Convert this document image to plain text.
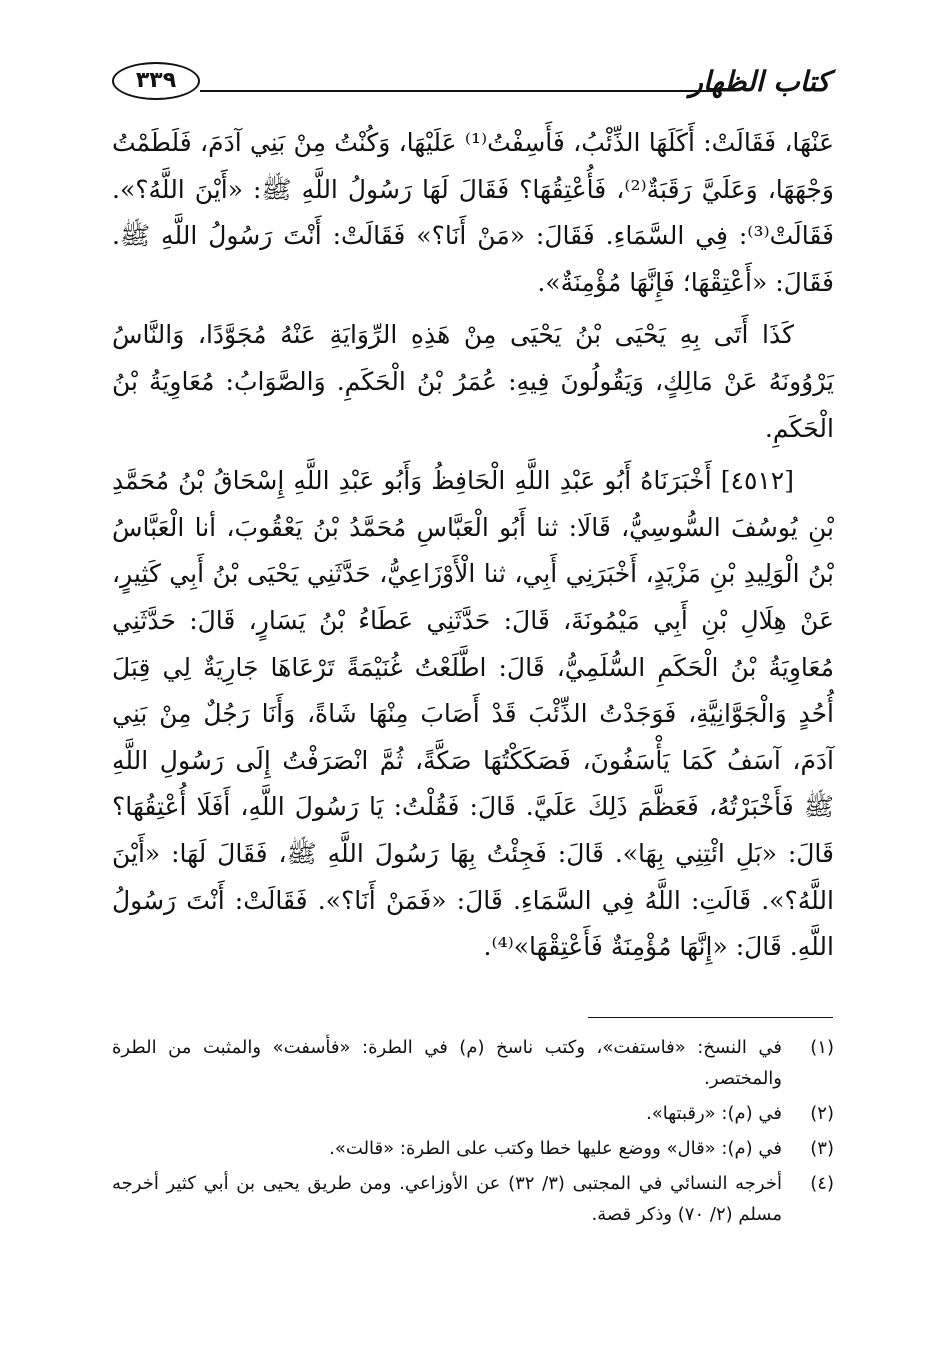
كتاب الظهار
٣٣٩

عَنْهَا، فَقَالَتْ: أَكَلَهَا الذِّئْبُ، فَأَسِفْتُ⁽¹⁾ عَلَيْهَا، وَكُنْتُ مِنْ بَنِي آدَمَ، فَلَطَمْتُ وَجْهَهَا، وَعَلَيَّ رَقَبَةٌ⁽²⁾، فَأُعْتِقُهَا؟ فَقَالَ لَهَا رَسُولُ اللَّهِ ﷺ: «أَيْنَ اللَّهُ؟». فَقَالَتْ⁽³⁾: فِي السَّمَاءِ. فَقَالَ: «مَنْ أَنَا؟» فَقَالَتْ: أَنْتَ رَسُولُ اللَّهِ ﷺ. فَقَالَ: «أَعْتِقْهَا؛ فَإِنَّهَا مُؤْمِنَةٌ».

كَذَا أَتَى بِهِ يَحْيَى بْنُ يَحْيَى مِنْ هَذِهِ الرِّوَايَةِ عَنْهُ مُجَوَّدًا، وَالنَّاسُ يَرْوُونَهُ عَنْ مَالِكٍ، وَيَقُولُونَ فِيهِ: عُمَرُ بْنُ الْحَكَمِ. وَالصَّوَابُ: مُعَاوِيَةُ بْنُ الْحَكَمِ.

[٤٥١٢] أَخْبَرَنَاهُ أَبُو عَبْدِ اللَّهِ الْحَافِظُ وَأَبُو عَبْدِ اللَّهِ إِسْحَاقُ بْنُ مُحَمَّدِ بْنِ يُوسُفَ السُّوسِيُّ، قَالَا: ثنا أَبُو الْعَبَّاسِ مُحَمَّدُ بْنُ يَعْقُوبَ، أنا الْعَبَّاسُ بْنُ الْوَلِيدِ بْنِ مَزْيَدٍ، أَخْبَرَنِي أَبِي، ثنا الْأَوْزَاعِيُّ، حَدَّثَنِي يَحْيَى بْنُ أَبِي كَثِيرٍ، عَنْ هِلَالِ بْنِ أَبِي مَيْمُونَةَ، قَالَ: حَدَّثَنِي عَطَاءُ بْنُ يَسَارٍ، قَالَ: حَدَّثَنِي مُعَاوِيَةُ بْنُ الْحَكَمِ السُّلَمِيُّ، قَالَ: اطَّلَعْتُ غُنَيْمَةً تَرْعَاهَا جَارِيَةٌ لِي قِبَلَ أُحُدٍ وَالْجَوَّانِيَّةِ، فَوَجَدْتُ الذِّئْبَ قَدْ أَصَابَ مِنْهَا شَاةً، وَأَنَا رَجُلٌ مِنْ بَنِي آدَمَ، آسَفُ كَمَا يَأْسَفُونَ، فَصَكَكْتُهَا صَكَّةً، ثُمَّ انْصَرَفْتُ إِلَى رَسُولِ اللَّهِ ﷺ فَأَخْبَرْتُهُ، فَعَظَّمَ ذَلِكَ عَلَيَّ. قَالَ: فَقُلْتُ: يَا رَسُولَ اللَّهِ، أَفَلَا أُعْتِقُهَا؟ قَالَ: «بَلِ ائْتِنِي بِهَا». قَالَ: فَجِئْتُ بِهَا رَسُولَ اللَّهِ ﷺ، فَقَالَ لَهَا: «أَيْنَ اللَّهُ؟». قَالَتِ: اللَّهُ فِي السَّمَاءِ. قَالَ: «فَمَنْ أَنَا؟». فَقَالَتْ: أَنْتَ رَسُولُ اللَّهِ. قَالَ: «إِنَّهَا مُؤْمِنَةٌ فَأَعْتِقْهَا»⁽⁴⁾.

(١)
في النسخ: «فاستفت»، وكتب ناسخ (م) في الطرة: «فأسفت» والمثبت من الطرة والمختصر.
(٢)
في (م): «رقبتها».
(٣)
في (م): «قال» ووضع عليها خطا وكتب على الطرة: «قالت».
(٤)
أخرجه النسائي في المجتبى (٣/ ٣٢) عن الأوزاعي. ومن طريق يحيى بن أبي كثير أخرجه مسلم (٢/ ٧٠) وذكر قصة.
